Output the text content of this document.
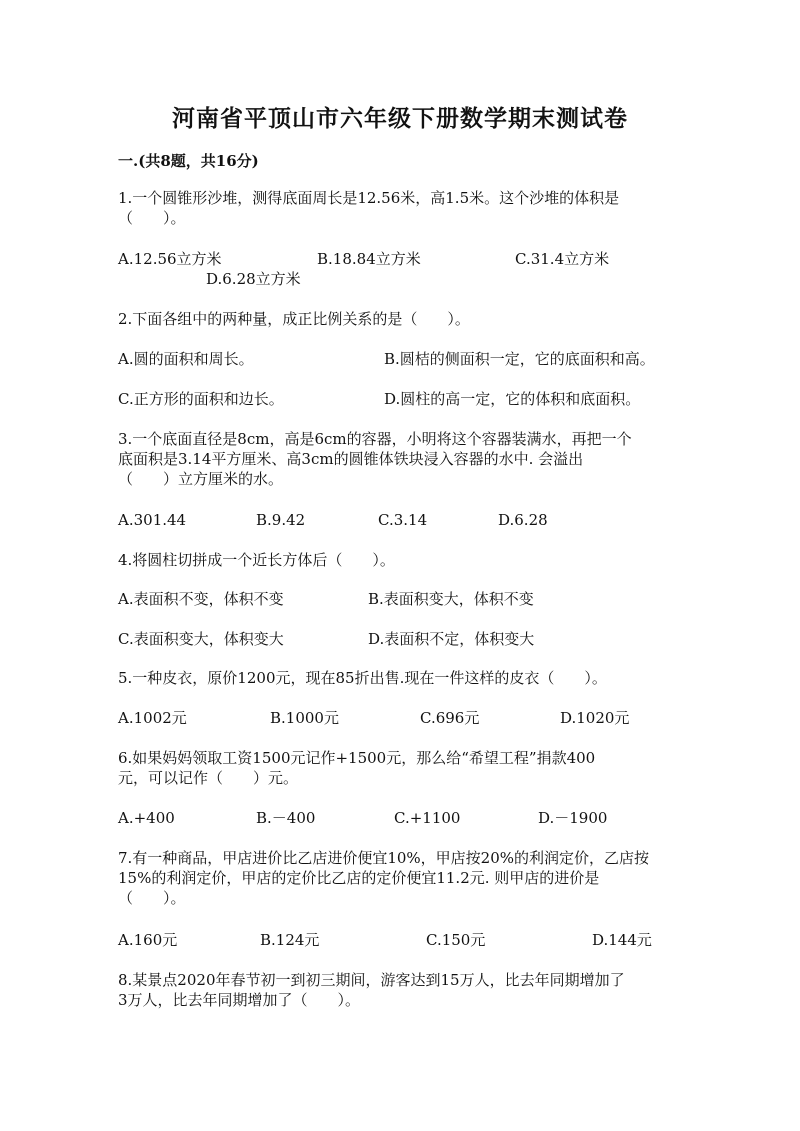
河南省平顶山市六年级下册数学期末测试卷
一.(共8题，共16分)
1.一个圆锥形沙堆，测得底面周长是12.56米，高1.5米。这个沙堆的体积是
（　　）。
A.12.56立方米	B.18.84立方米	C.31.4立方米
D.6.28立方米
2.下面各组中的两种量，成正比例关系的是（　　）。
A.圆的面积和周长。	B.圆桔的侧面积一定，它的底面积和高。
C.正方形的面积和边长。	D.圆柱的高一定，它的体积和底面积。
3.一个底面直径是8cm，高是6cm的容器，小明将这个容器装满水，再把一个
底面积是3.14平方厘米、高3cm的圆锥体铁块浸入容器的水中. 会溢出
（　　）立方厘米的水。
A.301.44	B.9.42	C.3.14	D.6.28
4.将圆柱切拼成一个近长方体后（　　）。
A.表面积不变，体积不变	B.表面积变大，体积不变
C.表面积变大，体积变大	D.表面积不定，体积变大
5.一种皮衣，原价1200元，现在85折出售.现在一件这样的皮衣（　　）。
A.1002元	B.1000元	C.696元	D.1020元
6.如果妈妈领取工资1500元记作+1500元，那么给“希望工程”捐款400
元，可以记作（　　）元。
A.+400	B.－400	C.+1100	D.－1900
7.有一种商品，甲店进价比乙店进价便宜10%，甲店按20%的利润定价，乙店按
15%的利润定价，甲店的定价比乙店的定价便宜11.2元. 则甲店的进价是
（　　）。
A.160元	B.124元	C.150元	D.144元
8.某景点2020年春节初一到初三期间，游客达到15万人，比去年同期增加了
3万人，比去年同期增加了（　　）。
